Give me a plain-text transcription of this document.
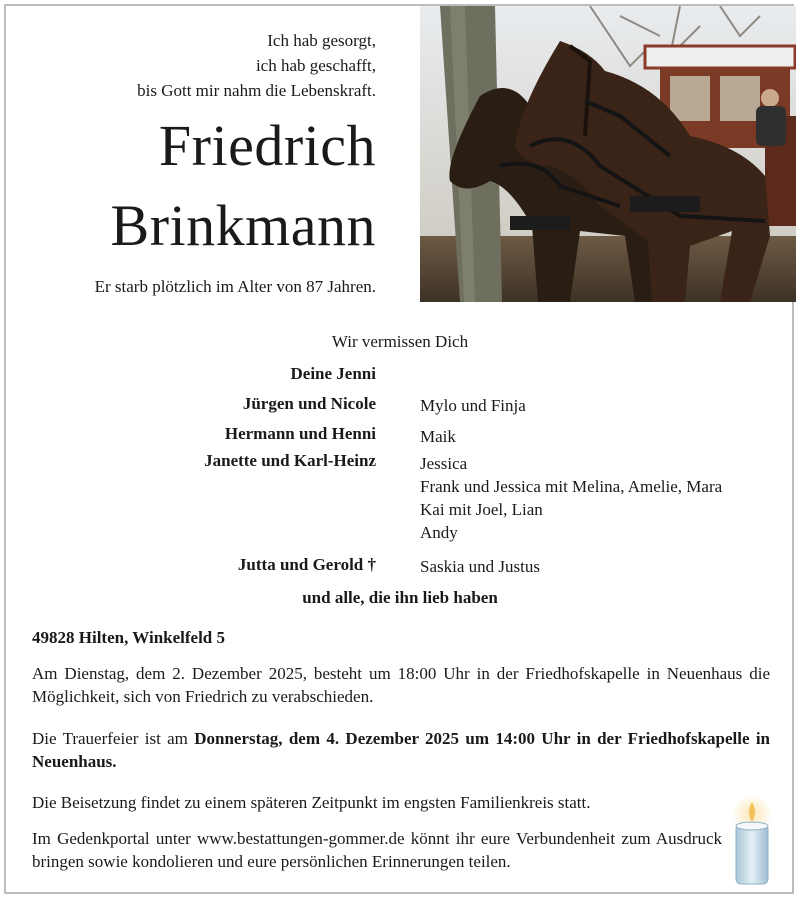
Ich hab gesorgt,
ich hab geschafft,
bis Gott mir nahm die Lebenskraft.
Friedrich
Brinkmann
Er starb plötzlich im Alter von 87 Jahren.
Wir vermissen Dich
Deine Jenni
Jürgen und Nicole	Mylo und Finja
Hermann und Henni	Maik
Janette und Karl-Heinz	Jessica
Frank und Jessica mit Melina, Amelie, Mara
Kai mit Joel, Lian
Andy
Jutta und Gerold †	Saskia und Justus
und alle, die ihn lieb haben
49828 Hilten, Winkelfeld 5
Am Dienstag, dem 2. Dezember 2025, besteht um 18:00 Uhr in der Friedhofskapelle in Neuenhaus die Möglichkeit, sich von Friedrich zu verabschieden.
Die Trauerfeier ist am Donnerstag, dem 4. Dezember 2025 um 14:00 Uhr in der Friedhofskapelle in Neuenhaus.
Die Beisetzung findet zu einem späteren Zeitpunkt im engsten Familienkreis statt.
Im Gedenkportal unter www.bestattungen-gommer.de könnt ihr eure Verbundenheit zum Ausdruck bringen sowie kondolieren und eure persönlichen Erinnerungen teilen.
